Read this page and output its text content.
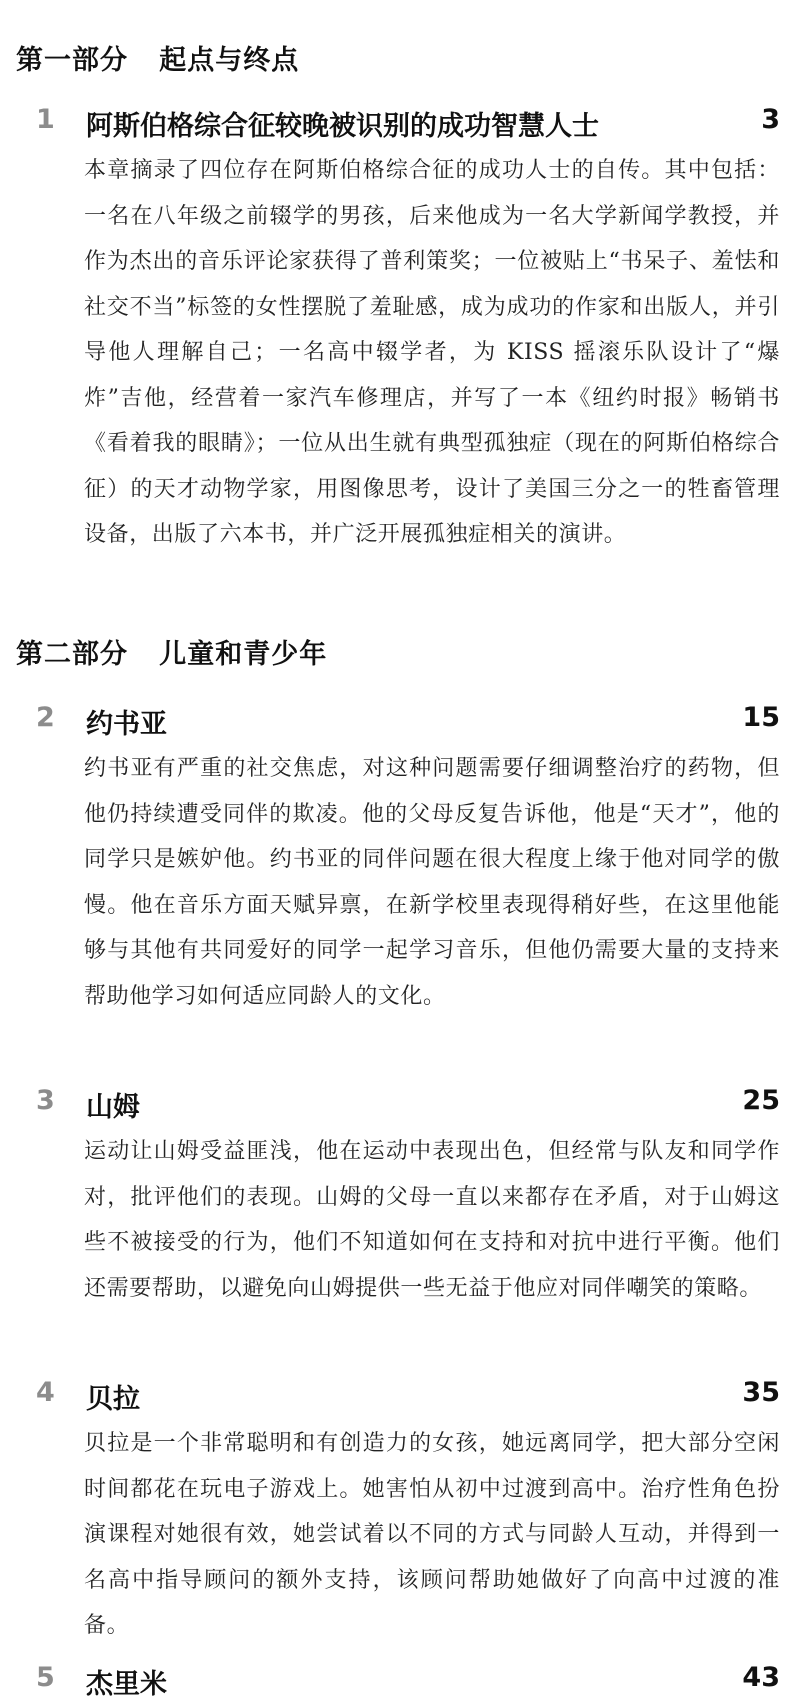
第一部分   起点与终点
1 阿斯伯格综合征较晚被识别的成功智慧人士	3
本章摘录了四位存在阿斯伯格综合征的成功人士的自传。其中包括：一名在八年级之前辍学的男孩，后来他成为一名大学新闻学教授，并作为杰出的音乐评论家获得了普利策奖；一位被贴上“书呆子、羞怯和社交不当”标签的女性摆脱了羞耻感，成为成功的作家和出版人，并引导他人理解自己；一名高中辍学者，为 KISS 摇滚乐队设计了“爆炸”吉他，经营着一家汽车修理店，并写了一本《纽约时报》畅销书《看着我的眼睛》；一位从出生就有典型孤独症（现在的阿斯伯格综合征）的天才动物学家，用图像思考，设计了美国三分之一的牲畜管理设备，出版了六本书，并广泛开展孤独症相关的演讲。
第二部分   儿童和青少年
2 约书亚	15
约书亚有严重的社交焦虑，对这种问题需要仔细调整治疗的药物，但他仍持续遭受同伴的欺凌。他的父母反复告诉他，他是“天才”，他的同学只是嫉妒他。约书亚的同伴问题在很大程度上缘于他对同学的傲慢。他在音乐方面天赋异禀，在新学校里表现得稍好些，在这里他能够与其他有共同爱好的同学一起学习音乐，但他仍需要大量的支持来帮助他学习如何适应同龄人的文化。
3 山姆	25
运动让山姆受益匪浅，他在运动中表现出色，但经常与队友和同学作对，批评他们的表现。山姆的父母一直以来都存在矛盾，对于山姆这些不被接受的行为，他们不知道如何在支持和对抗中进行平衡。他们还需要帮助，以避免向山姆提供一些无益于他应对同伴嘲笑的策略。
4 贝拉	35
贝拉是一个非常聪明和有创造力的女孩，她远离同学，把大部分空闲时间都花在玩电子游戏上。她害怕从初中过渡到高中。治疗性角色扮演课程对她很有效，她尝试着以不同的方式与同龄人互动，并得到一名高中指导顾问的额外支持，该顾问帮助她做好了向高中过渡的准备。
5 杰里米	43
